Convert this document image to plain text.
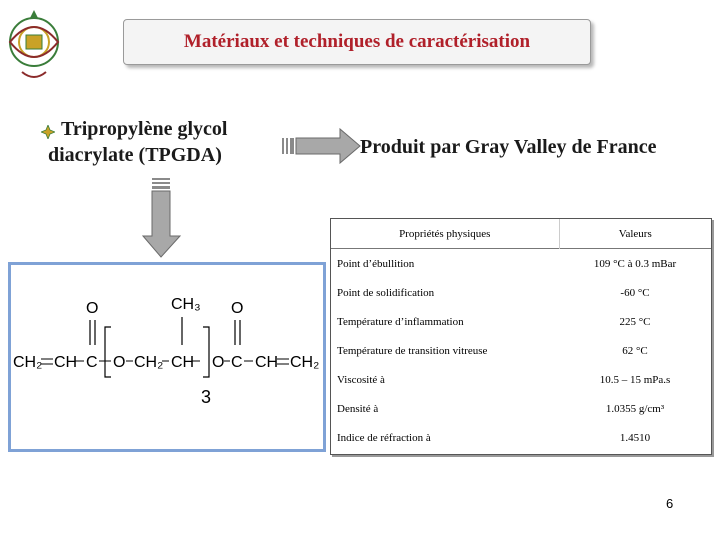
Matériaux et techniques de caractérisation
Tripropylène glycol
diacrylate (TPGDA)	Produit par Gray Valley de France
O	O
CH₃
3
CH₂ CH C O CH₂ CH O C CH CH₂
Propriétés physiques	Valeurs
Point d’ébullition	109 °C à 0.3 mBar
Point de solidification	-60 °C
Température d’inflammation	225 °C
Température de transition vitreuse	62 °C
Viscosité à	10.5 – 15 mPa.s
Densité à	1.0355 g/cm³
Indice de réfraction à	1.4510
6
